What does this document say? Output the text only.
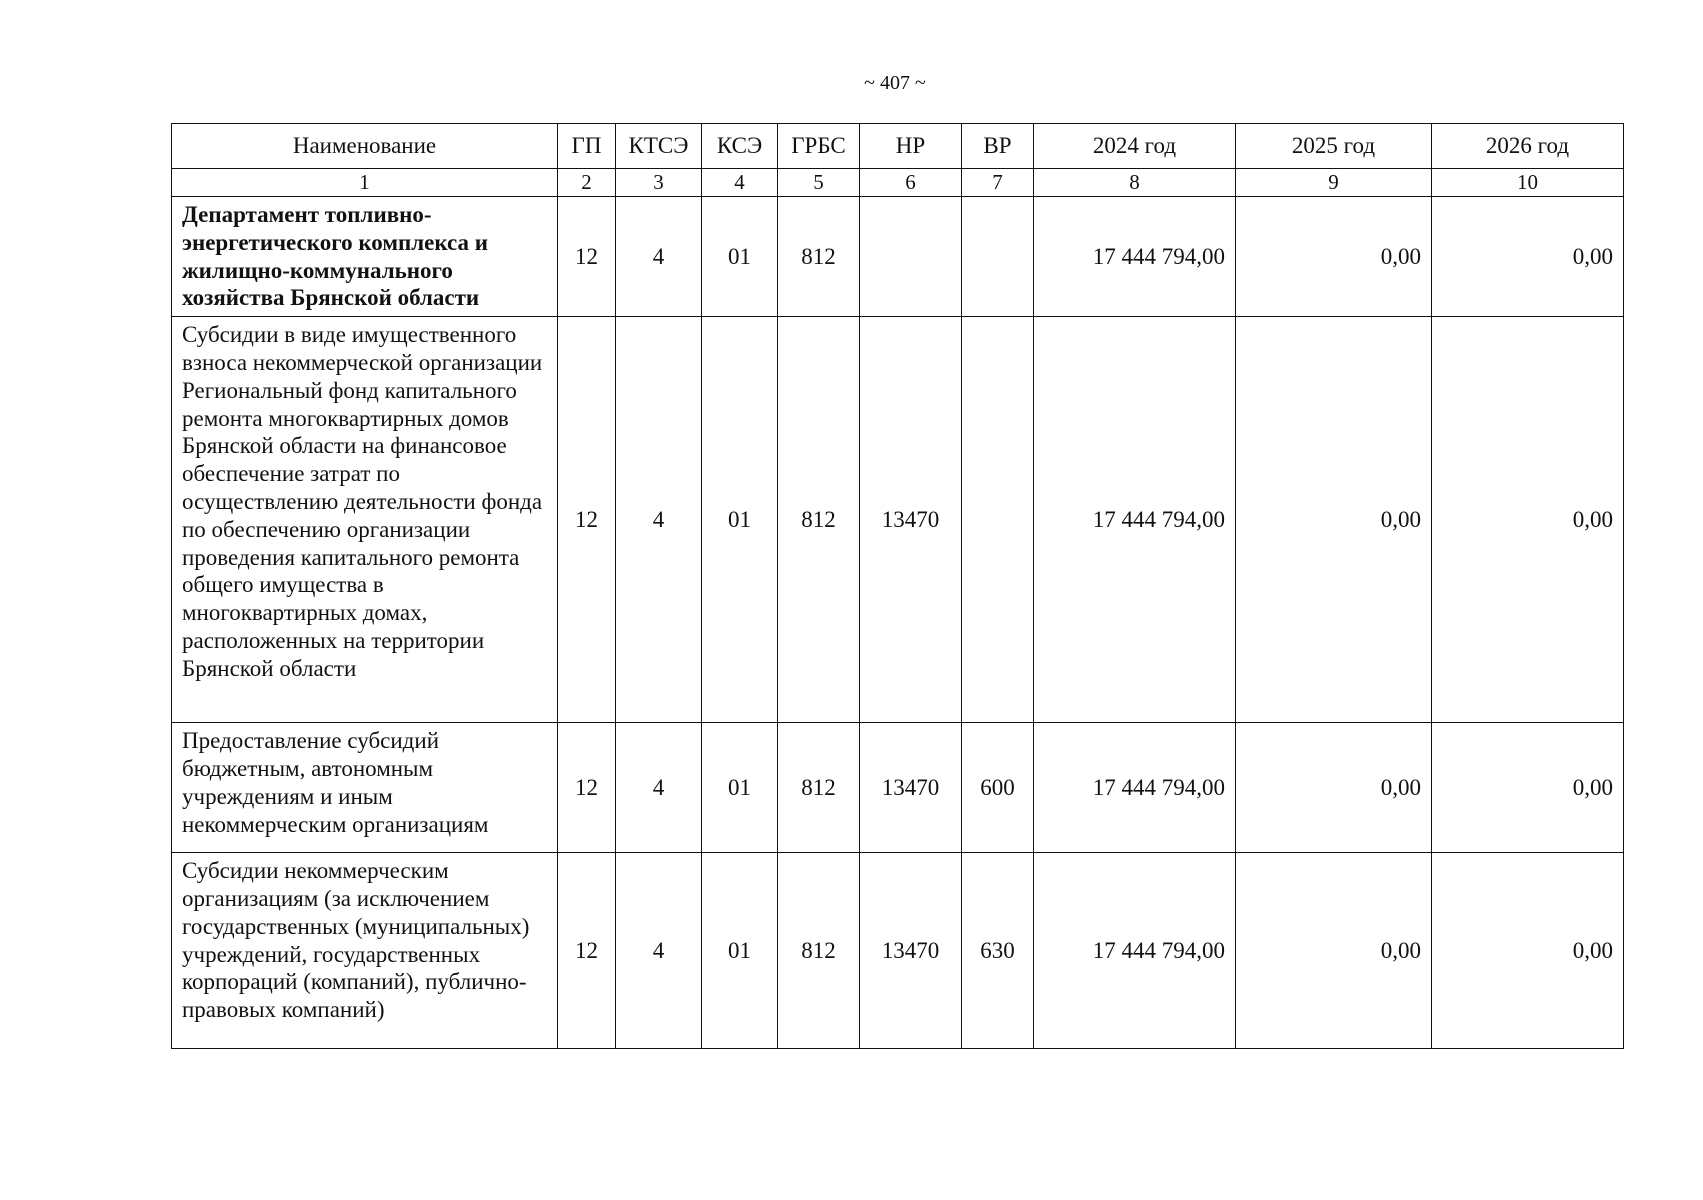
~ 407 ~
Наименование	ГП	КТСЭ	КСЭ	ГРБС	НР	ВР	2024 год	2025 год	2026 год
1	2	3	4	5	6	7	8	9	10
Департамент топливно-энергетического комплекса и жилищно-коммунального хозяйства Брянской области	12	4	01	812			17 444 794,00	0,00	0,00
Субсидии в виде имущественного взноса некоммерческой организации Региональный фонд капитального ремонта многоквартирных домов Брянской области на финансовое обеспечение затрат по осуществлению деятельности фонда по обеспечению организации проведения капитального ремонта общего имущества в многоквартирных домах, расположенных на территории Брянской области	12	4	01	812	13470		17 444 794,00	0,00	0,00
Предоставление субсидий бюджетным, автономным учреждениям и иным некоммерческим организациям	12	4	01	812	13470	600	17 444 794,00	0,00	0,00
Субсидии некоммерческим организациям (за исключением государственных (муниципальных) учреждений, государственных корпораций (компаний), публично-правовых компаний)	12	4	01	812	13470	630	17 444 794,00	0,00	0,00
